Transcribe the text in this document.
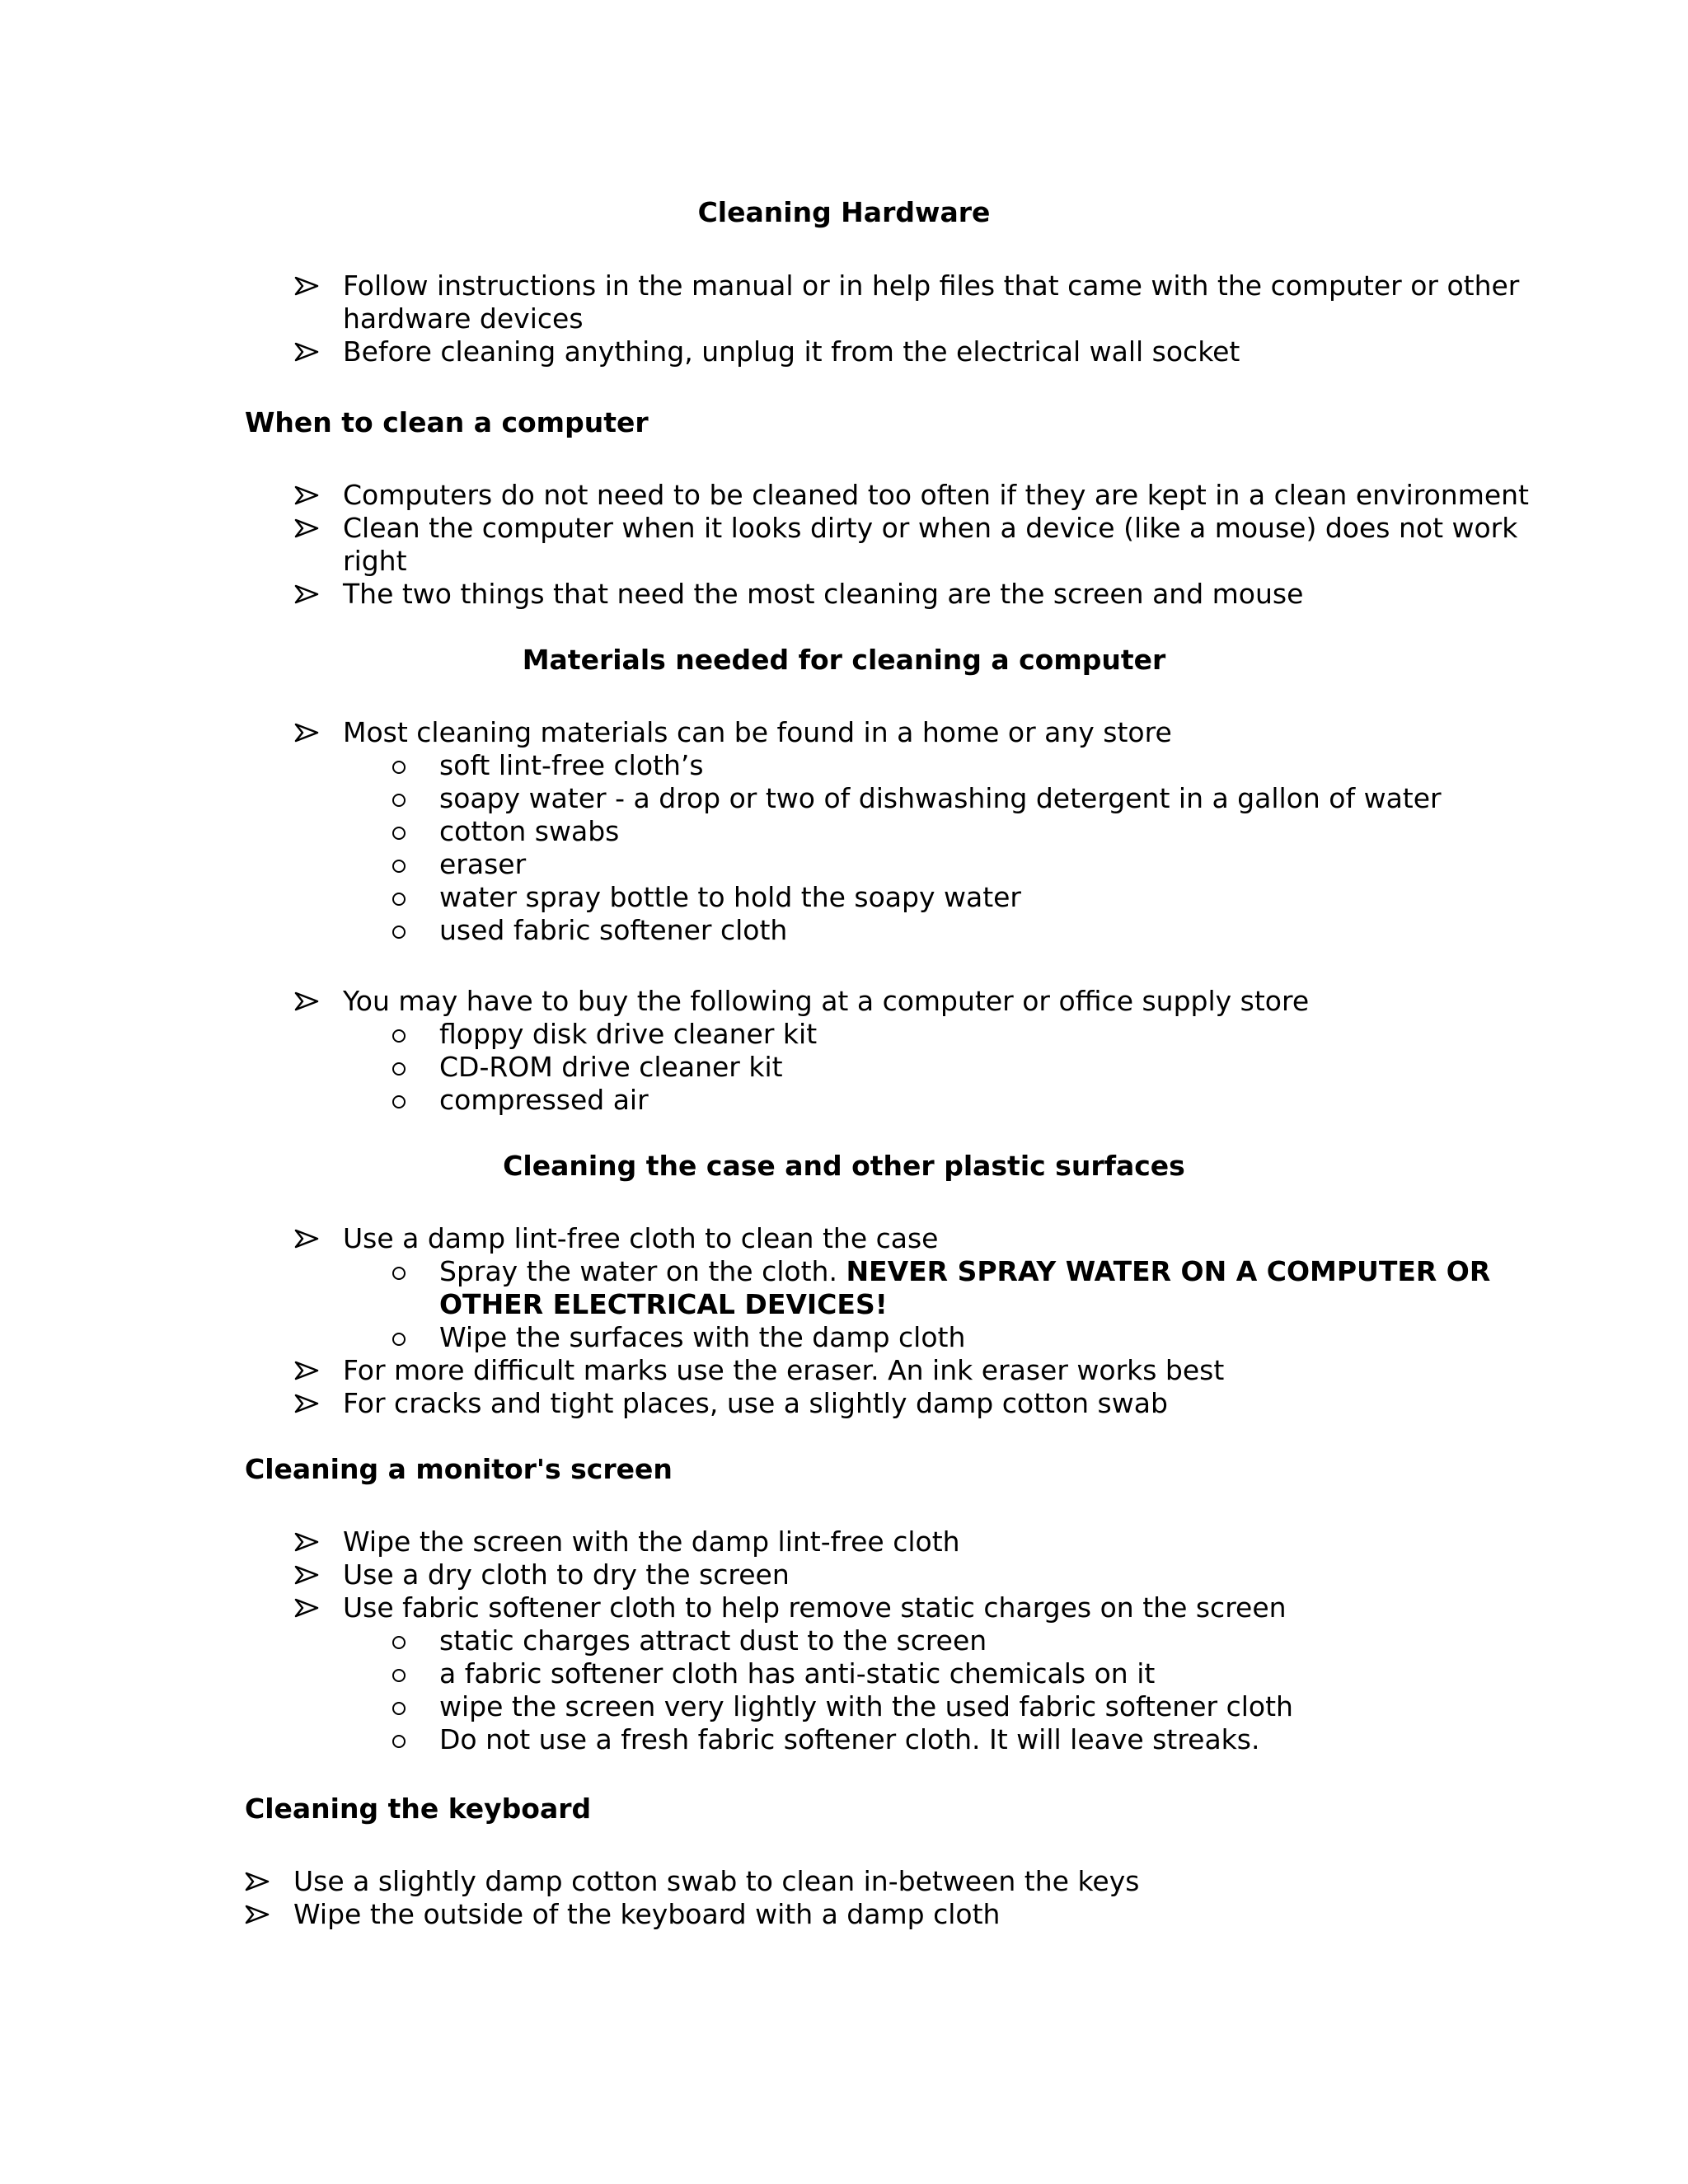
Cleaning Hardware

Follow instructions in the manual or in help files that came with the computer or other

hardware devices

Before cleaning anything, unplug it from the electrical wall socket

When to clean a computer

Computers do not need to be cleaned too often if they are kept in a clean environment

Clean the computer when it looks dirty or when a device (like a mouse) does not work

right

The two things that need the most cleaning are the screen and mouse

Materials needed for cleaning a computer

Most cleaning materials can be found in a home or any store

soft lint-free cloth’s

soapy water - a drop or two of dishwashing detergent in a gallon of water

cotton swabs

eraser

water spray bottle to hold the soapy water

used fabric softener cloth

You may have to buy the following at a computer or office supply store

floppy disk drive cleaner kit

CD-ROM drive cleaner kit

compressed air

Cleaning the case and other plastic surfaces

Use a damp lint-free cloth to clean the case

Spray the water on the cloth. NEVER SPRAY WATER ON A COMPUTER OR

OTHER ELECTRICAL DEVICES!

Wipe the surfaces with the damp cloth

For more difficult marks use the eraser. An ink eraser works best

For cracks and tight places, use a slightly damp cotton swab

Cleaning a monitor's screen

Wipe the screen with the damp lint-free cloth

Use a dry cloth to dry the screen

Use fabric softener cloth to help remove static charges on the screen

static charges attract dust to the screen

a fabric softener cloth has anti-static chemicals on it

wipe the screen very lightly with the used fabric softener cloth

Do not use a fresh fabric softener cloth. It will leave streaks.

Cleaning the keyboard

Use a slightly damp cotton swab to clean in-between the keys

Wipe the outside of the keyboard with a damp cloth
